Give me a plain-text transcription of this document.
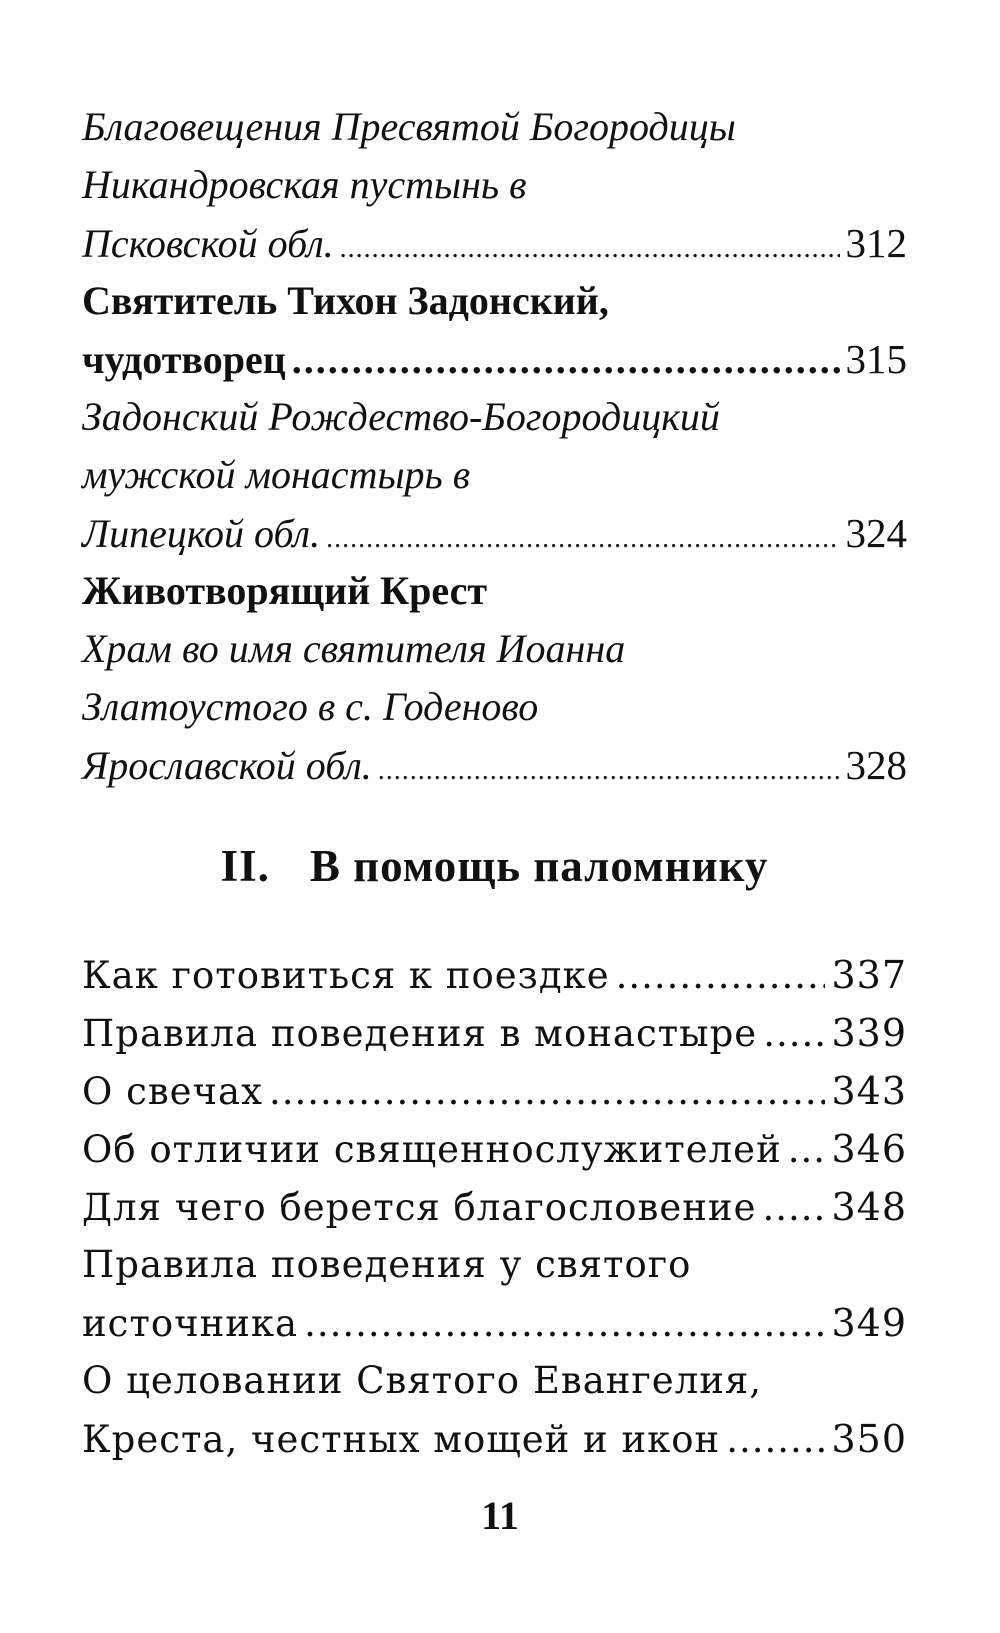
Благовещения Пресвятой Богородицы
Никандровская пустынь в
Псковской обл. .....	312
Святитель Тихон Задонский,
чудотворец .....	315
Задонский Рождество-Богородицкий
мужской монастырь в
Липецкой обл. .....	324
Животворящий Крест
Храм во имя святителя Иоанна
Златоустого в с. Годеново
Ярославской обл. .....	328
II. В помощь паломнику
Как готовиться к поездке .....	337
Правила поведения в монастыре ..... 339
О свечах .....	343
Об отличии священнослужителей ..... 346
Для чего берется благословение ..... 348
Правила поведения у святого
источника .....	349
О целовании Святого Евангелия,
Креста, честных мощей и икон .....	350
11
